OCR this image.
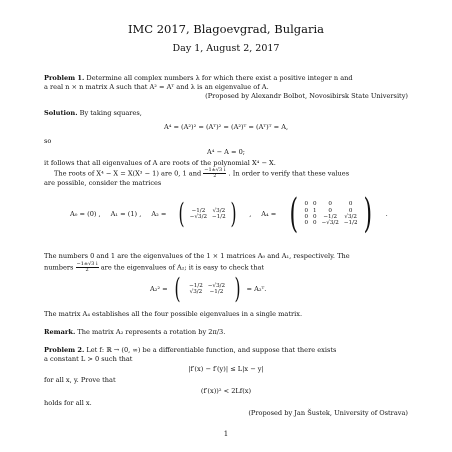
IMC 2017, Blagoevgrad, Bulgaria
Day 1, August 2, 2017
Problem 1. Determine all complex numbers λ for which there exist a positive integer n and
a real n × n matrix A such that A² = Aᵀ and λ is an eigenvalue of A.
(Proposed by Alexandr Bolbot, Novosibirsk State University)
Solution. By taking squares,
A⁴ = (A²)² = (Aᵀ)² = (A²)ᵀ = (Aᵀ)ᵀ = A,
so
A⁴ − A = 0;
it follows that all eigenvalues of A are roots of the polynomial X⁴ − X.
The roots of X⁴ − X = X(X³ − 1) are 0, 1 and $\frac{-1\pm√3 i}{2}$ . In order to verify that these values
are possible, consider the matrices
A₀ = (0) , A₁ = (1) , A₂ = ( −1/2	√3/2
−√3/2	−1/2 )	, A₄ = ( 0	0	0	0
0	1	0	0
0	0	−1/2	√3/2
0	0	−√3/2	−1/2 )	.
The numbers 0 and 1 are the eigenvalues of the 1 × 1 matrices A₀ and A₁, respectively. The
numbers $\frac{-1\pm√3 i}{2}$ are the eigenvalues of A₂; it is easy to check that
A₂² = ( −1/2	−√3/2
√3/2	−1/2 ) = A₂ᵀ.
The matrix A₄ establishes all the four possible eigenvalues in a single matrix.
Remark. The matrix A₂ represents a rotation by 2π/3.
Problem 2. Let f: ℝ → (0, ∞) be a differentiable function, and suppose that there exists
a constant L > 0 such that
|f′(x) − f′(y)| ≤ L|x − y|
for all x, y. Prove that
(f′(x))² < 2Lf(x)
holds for all x.
(Proposed by Jan Šustek, University of Ostrava)
1
